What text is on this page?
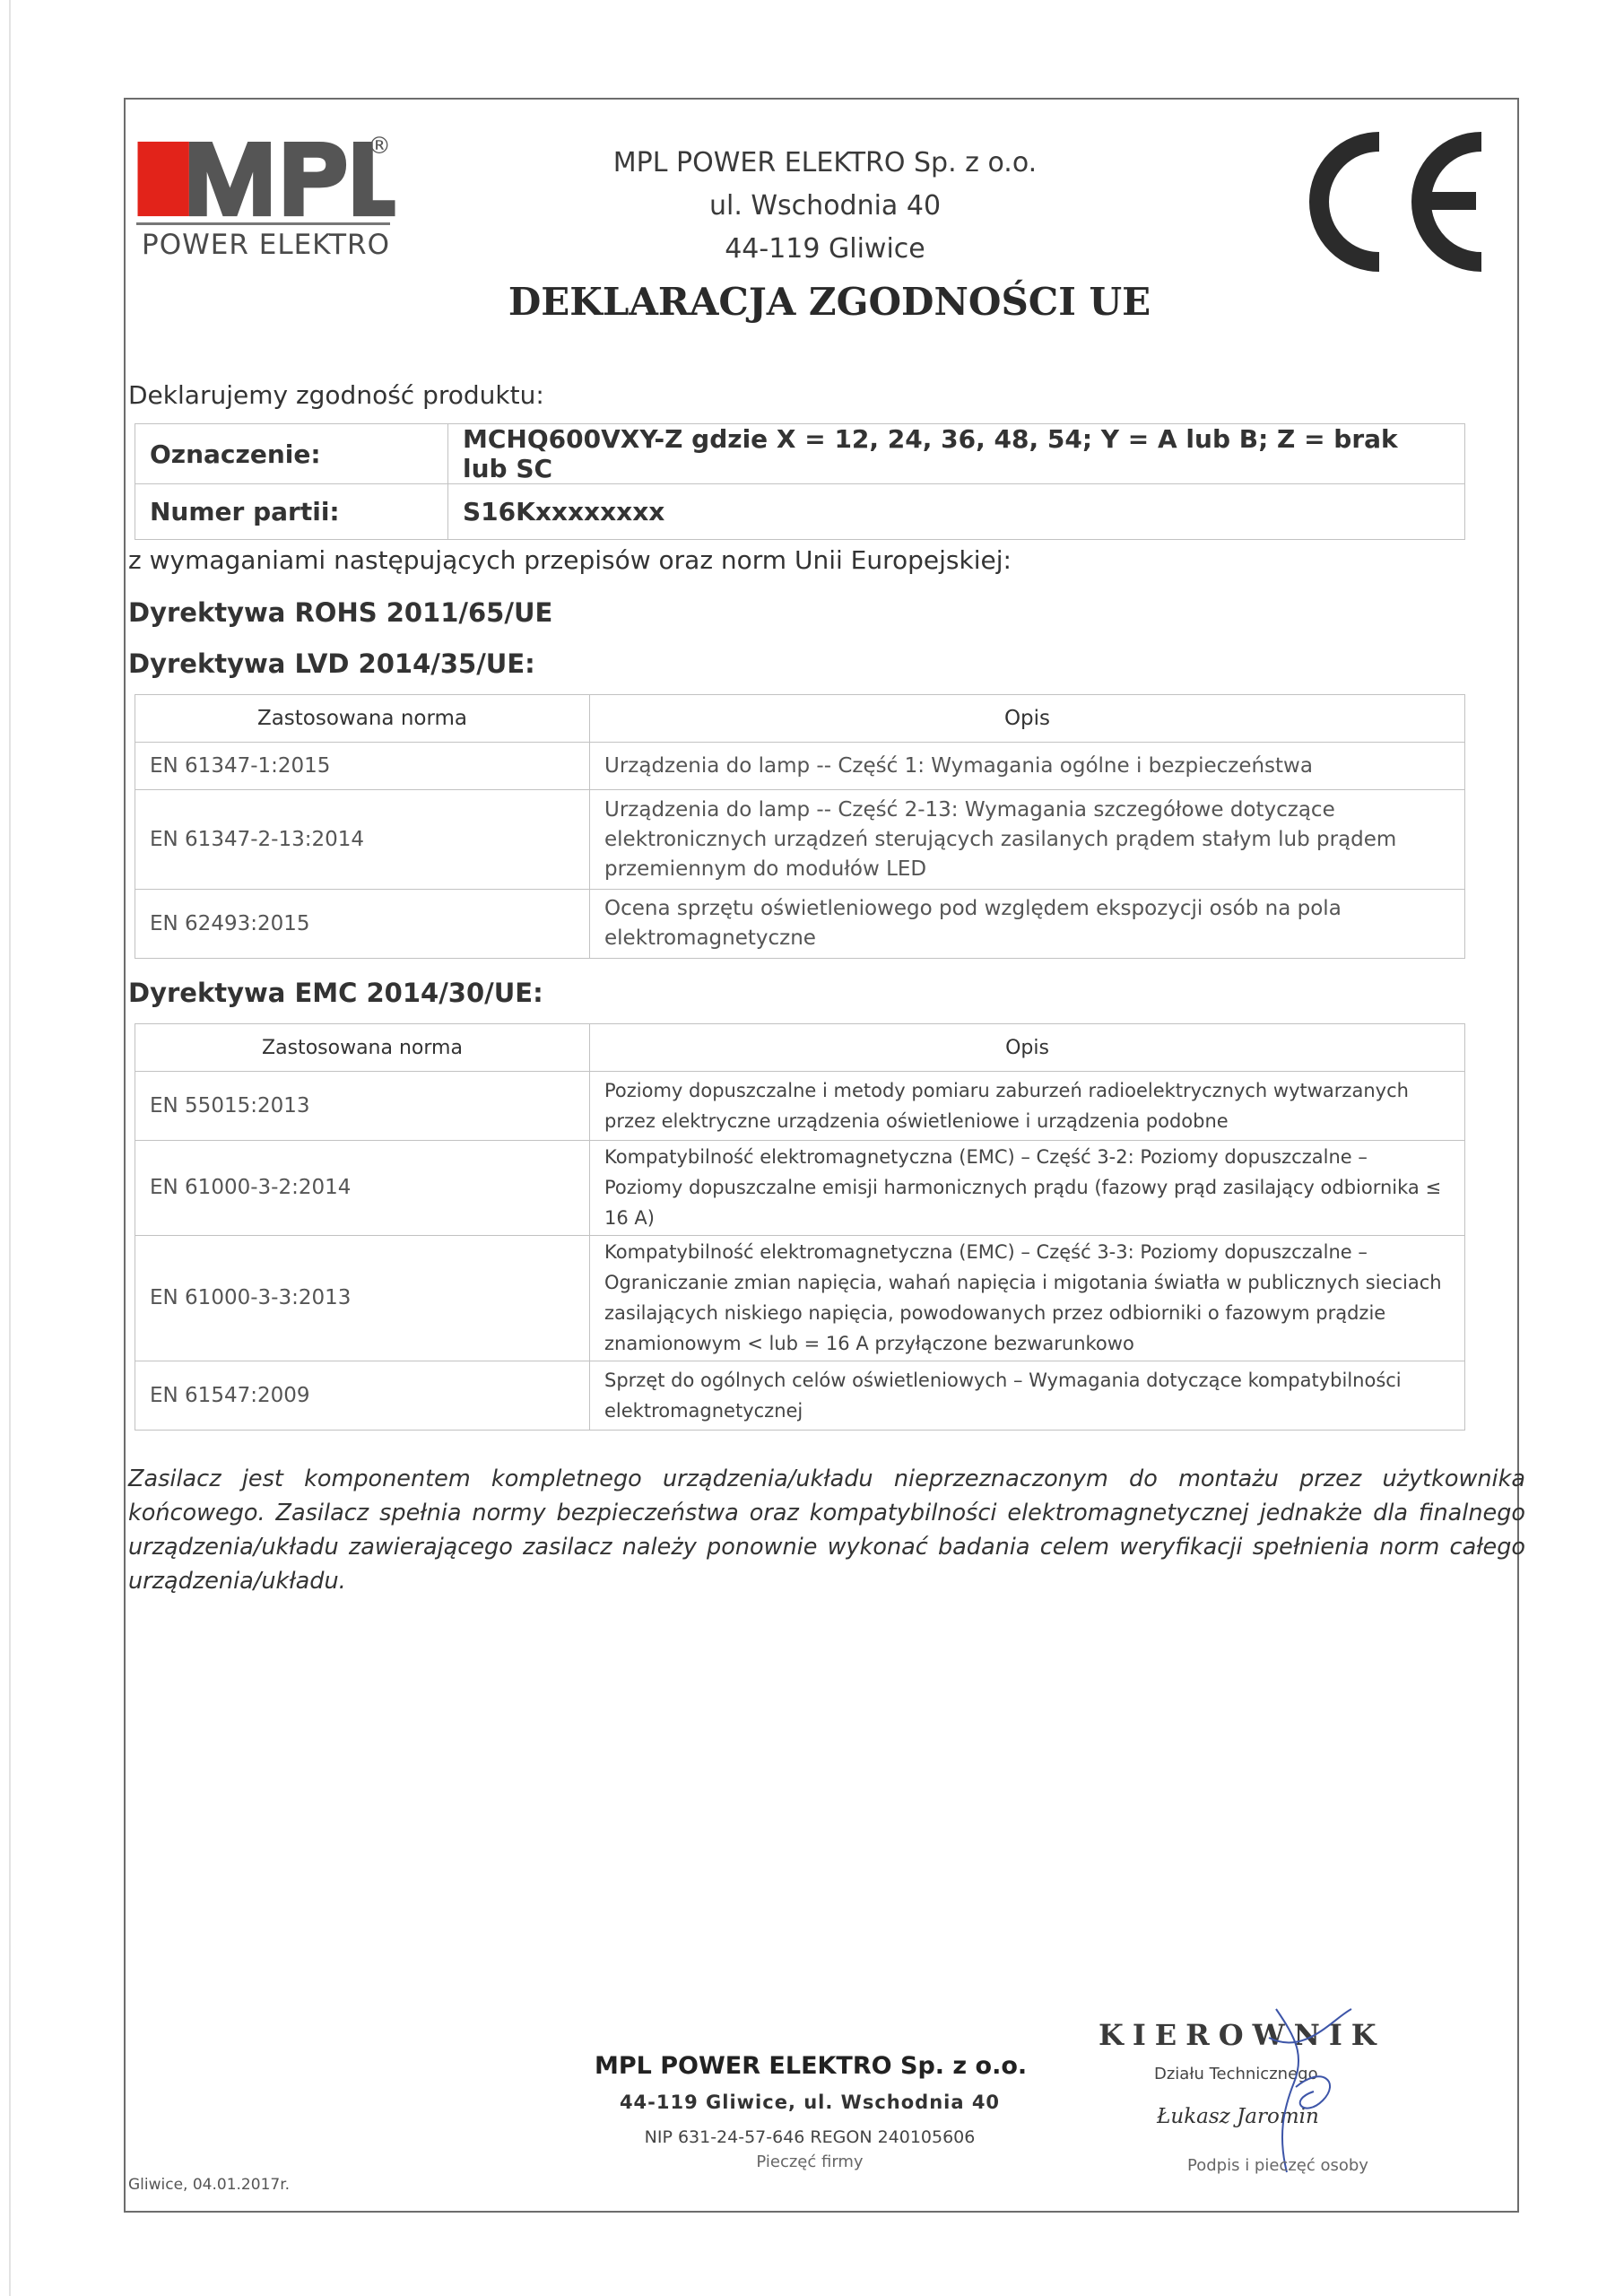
POWER ELEKTRO
®
MPL POWER ELEKTRO Sp. z o.o.
ul. Wschodnia 40
44-119 Gliwice
DEKLARACJA ZGODNOŚCI UE
Deklarujemy zgodność produktu:
Oznaczenie:	MCHQ600VXY-Z gdzie X = 12, 24, 36, 48, 54; Y = A lub B; Z = brak lub SC
Numer partii:	S16Kxxxxxxxx
z wymaganiami następujących przepisów oraz norm Unii Europejskiej:
Dyrektywa ROHS 2011/65/UE
Dyrektywa LVD 2014/35/UE:
Zastosowana norma	Opis
EN 61347-1:2015	Urządzenia do lamp -- Część 1: Wymagania ogólne i bezpieczeństwa
EN 61347-2-13:2014	Urządzenia do lamp -- Część 2-13: Wymagania szczegółowe dotyczące elektronicznych urządzeń sterujących zasilanych prądem stałym lub prądem przemiennym do modułów LED
EN 62493:2015	Ocena sprzętu oświetleniowego pod względem ekspozycji osób na pola elektromagnetyczne
Dyrektywa EMC 2014/30/UE:
Zastosowana norma	Opis
EN 55015:2013	Poziomy dopuszczalne i metody pomiaru zaburzeń radioelektrycznych wytwarzanych przez elektryczne urządzenia oświetleniowe i urządzenia podobne
EN 61000-3-2:2014	Kompatybilność elektromagnetyczna (EMC) – Część 3-2: Poziomy dopuszczalne – Poziomy dopuszczalne emisji harmonicznych prądu (fazowy prąd zasilający odbiornika ≤ 16 A)
EN 61000-3-3:2013	Kompatybilność elektromagnetyczna (EMC) – Część 3-3: Poziomy dopuszczalne – Ograniczanie zmian napięcia, wahań napięcia i migotania światła w publicznych sieciach zasilających niskiego napięcia, powodowanych przez odbiorniki o fazowym prądzie znamionowym < lub = 16 A przyłączone bezwarunkowo
EN 61547:2009	Sprzęt do ogólnych celów oświetleniowych – Wymagania dotyczące kompatybilności elektromagnetycznej
Zasilacz jest komponentem kompletnego urządzenia/układu nieprzeznaczonym do montażu przez użytkownika końcowego. Zasilacz spełnia normy bezpieczeństwa oraz kompatybilności elektromagnetycznej jednakże dla finalnego urządzenia/układu zawierającego zasilacz należy ponownie wykonać badania celem weryfikacji spełnienia norm całego urządzenia/układu.
Gliwice, 04.01.2017r.
MPL POWER ELEKTRO Sp. z o.o.
44-119 Gliwice, ul. Wschodnia 40
NIP 631-24-57-646 REGON 240105606
Pieczęć firmy
KIEROWNIK
Działu Technicznego
Łukasz Jaromin
Podpis i pieczęć osoby
